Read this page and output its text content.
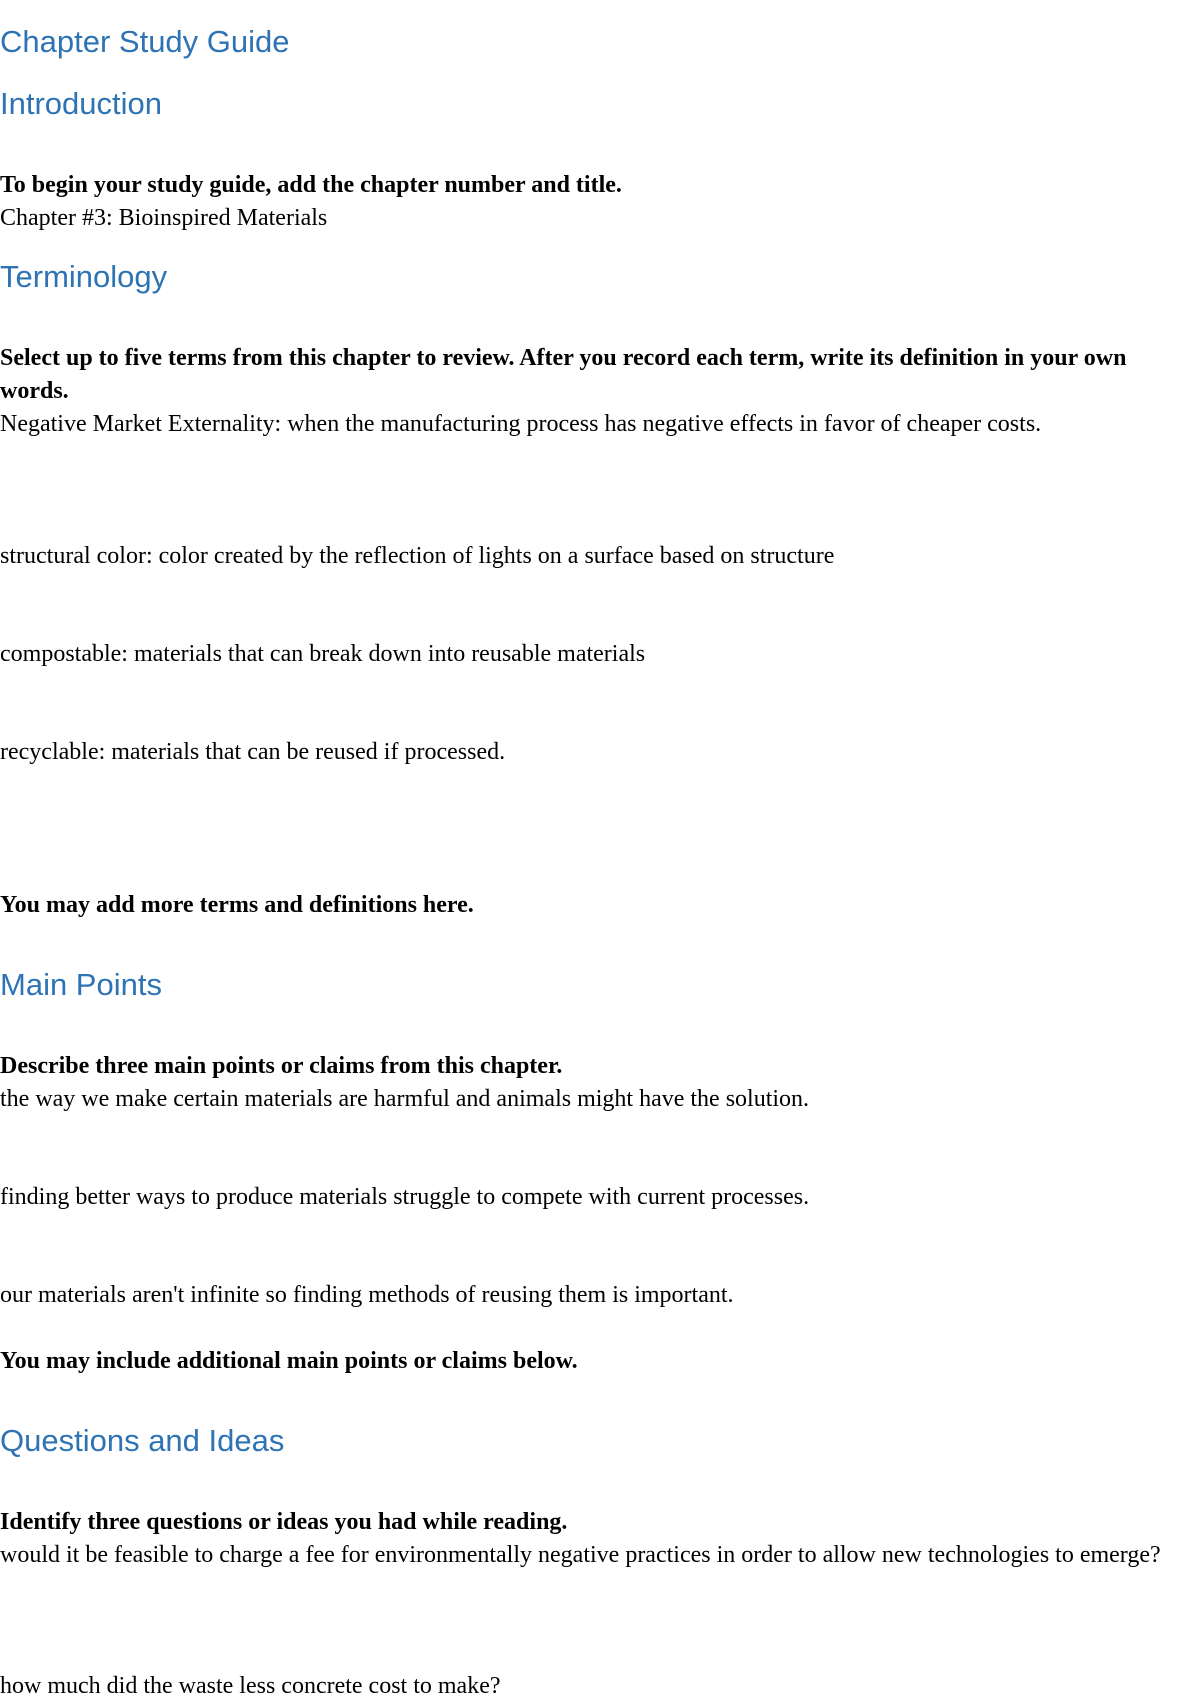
Chapter Study Guide
Introduction

To begin your study guide, add the chapter number and title.

Chapter #3: Bioinspired Materials

Terminology

Select up to five terms from this chapter to review. After you record each term, write its definition in your own words.

Negative Market Externality: when the manufacturing process has negative effects in favor of cheaper costs.

structural color: color created by the reflection of lights on a surface based on structure

compostable: materials that can break down into reusable materials

recyclable: materials that can be reused if processed.

You may add more terms and definitions here.

Main Points

Describe three main points or claims from this chapter.

the way we make certain materials are harmful and animals might have the solution.

finding better ways to produce materials struggle to compete with current processes.

our materials aren't infinite so finding methods of reusing them is important.

You may include additional main points or claims below.

Questions and Ideas

Identify three questions or ideas you had while reading.

would it be feasible to charge a fee for environmentally negative practices in order to allow new technologies to emerge?

how much did the waste less concrete cost to make?
